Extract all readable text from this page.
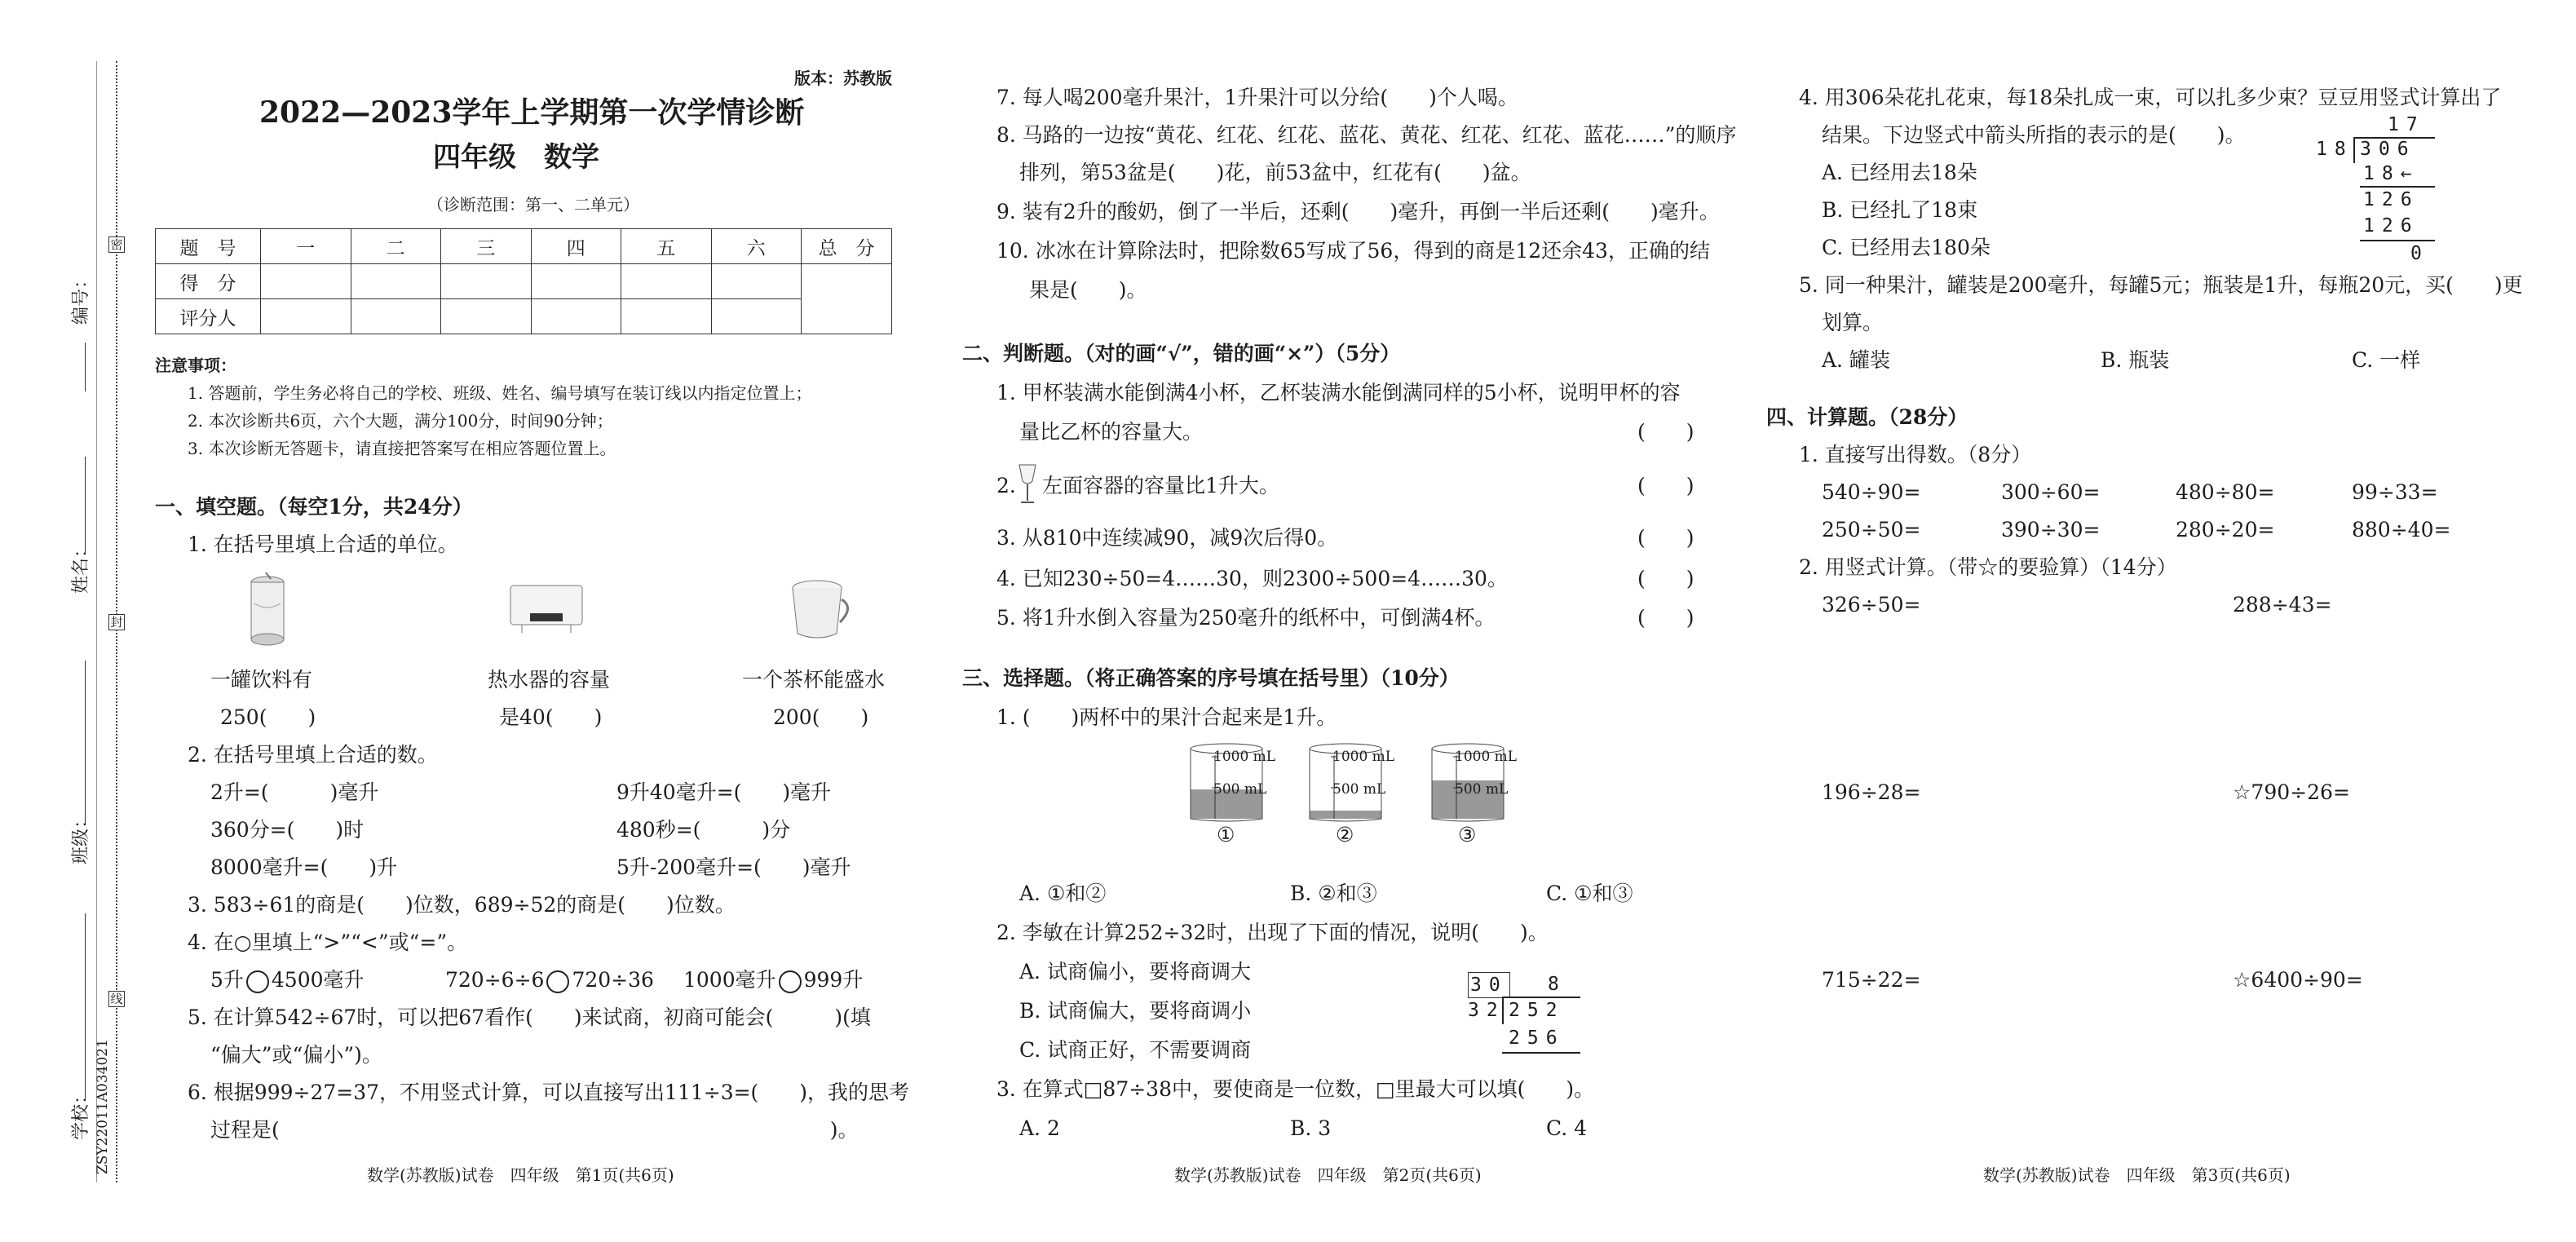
密
封
线
编号：
姓名：
班级：
学校： ZSY22011A034021
版本：苏教版
2022—2023学年上学期第一次学情诊断
四年级　数学
（诊断范围：第一、二单元）
题　号	一	二	三	四	五	六	总　分
得　分							
评分人							
注意事项：
1. 答题前，学生务必将自己的学校、班级、姓名、编号填写在装订线以内指定位置上；
2. 本次诊断共6页，六个大题，满分100分，时间90分钟；
3. 本次诊断无答题卡，请直接把答案写在相应答题位置上。
一、填空题。（每空1分，共24分）
1. 在括号里填上合适的单位。
一罐饮料有
250(　　)
热水器的容量
是40(　　)
一个茶杯能盛水
200(　　)
2. 在括号里填上合适的数。
2升=(　　　)毫升	9升40毫升=(　　)毫升
360分=(　　)时	480秒=(　　　)分
8000毫升=(　　)升	5升-200毫升=(　　)毫升
3. 583÷61的商是(　　)位数，689÷52的商是(　　)位数。
4. 在○里填上“>”“<”或“=”。
5升 4500毫升	720÷6÷6 720÷36 1000毫升 999升
5. 在计算542÷67时，可以把67看作(　　)来试商，初商可能会(　　　)(填
“偏大”或“偏小”)。
6. 根据999÷27=37，不用竖式计算，可以直接写出111÷3=(　　)，我的思考
过程是(　　　　　　　　　　　　　　　　　　　　　　　　　　　)。
数学(苏教版)试卷　四年级　第1页(共6页)
7. 每人喝200毫升果汁，1升果汁可以分给(　　)个人喝。
8. 马路的一边按“黄花、红花、红花、蓝花、黄花、红花、红花、蓝花……”的顺序
排列，第53盆是(　　)花，前53盆中，红花有(　　)盆。
9. 装有2升的酸奶，倒了一半后，还剩(　　)毫升，再倒一半后还剩(　　)毫升。
10. 冰冰在计算除法时，把除数65写成了56，得到的商是12还余43，正确的结
果是(　　)。
二、判断题。（对的画“√”，错的画“×”）（5分）
1. 甲杯装满水能倒满4小杯，乙杯装满水能倒满同样的5小杯，说明甲杯的容
量比乙杯的容量大。	(　　)
2. 左面容器的容量比1升大。	(　　)
3. 从810中连续减90，减9次后得0。	(　　)
4. 已知230÷50=4……30，则2300÷500=4……30。	(　　)
5. 将1升水倒入容量为250毫升的纸杯中，可倒满4杯。	(　　)
三、选择题。（将正确答案的序号填在括号里）（10分）
1. (　　)两杯中的果汁合起来是1升。
1000 mL
500 mL
①
1000 mL
500 mL
②
1000 mL
500 mL
③
A. ①和②	B. ②和③	C. ①和③
2. 李敏在计算252÷32时，出现了下面的情况，说明(　　)。
A. 试商偏小，要将商调大
B. 试商偏大，要将商调小
C. 试商正好，不需要调商
30 8
32 252
256
3. 在算式□87÷38中，要使商是一位数，□里最大可以填(　　)。
A. 2	B. 3	C. 4
数学(苏教版)试卷　四年级　第2页(共6页)
4. 用306朵花扎花束，每18朵扎成一束，可以扎多少束？豆豆用竖式计算出了
结果。下边竖式中箭头所指的表示的是(　　)。
A. 已经用去18朵
B. 已经扎了18束
C. 已经用去180朵
17
18 306
18←
126
126
0
5. 同一种果汁，罐装是200毫升，每罐5元；瓶装是1升，每瓶20元，买(　　)更
划算。
A. 罐装	B. 瓶装	C. 一样
四、计算题。（28分）
1. 直接写出得数。（8分）
540÷90=	300÷60=	480÷80=	99÷33=
250÷50=	390÷30=	280÷20=	880÷40=
2. 用竖式计算。（带☆的要验算）（14分）
326÷50=	288÷43=
196÷28=	☆790÷26=
715÷22=	☆6400÷90=
数学(苏教版)试卷　四年级　第3页(共6页)
